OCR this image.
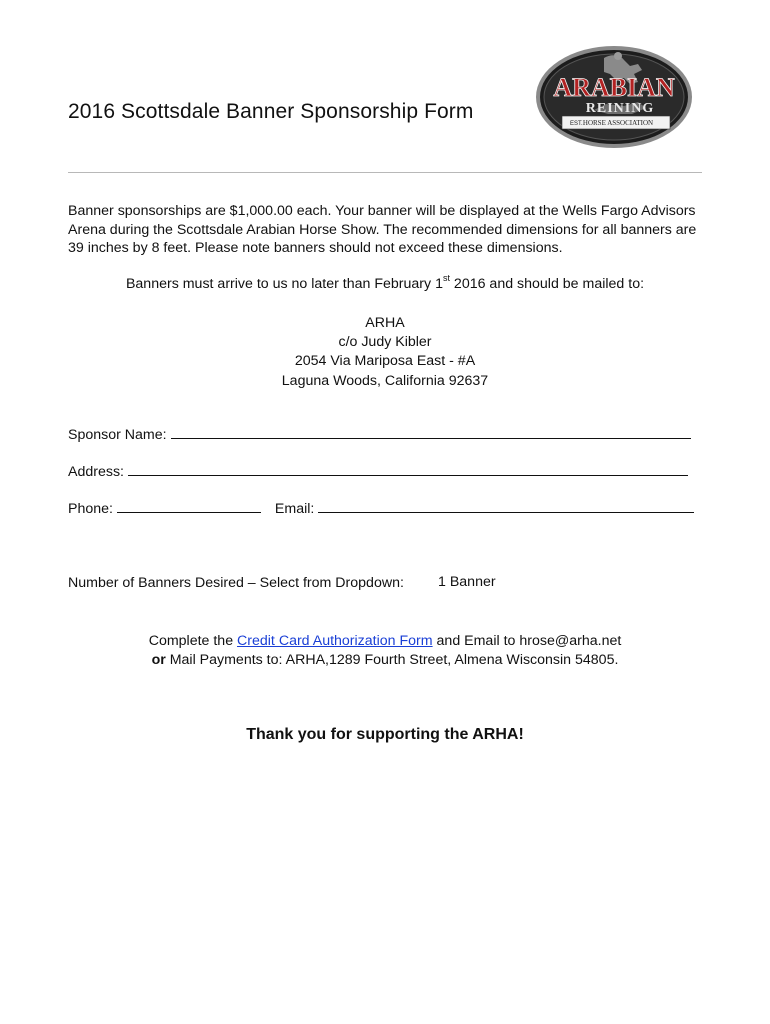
2016 Scottsdale Banner Sponsorship Form
ARABIAN
REINING
EST. HORSE ASSOCIATION
Banner sponsorships are $1,000.00 each. Your banner will be displayed at the Wells Fargo Advisors Arena during the Scottsdale Arabian Horse Show. The recommended dimensions for all banners are 39 inches by 8 feet. Please note banners should not exceed these dimensions.
Banners must arrive to us no later than February 1st 2016 and should be mailed to:
ARHA
c/o Judy Kibler
2054 Via Mariposa East - #A
Laguna Woods, California 92637
Sponsor Name:
Address:
Phone:	Email:
Number of Banners Desired – Select from Dropdown:	1 Banner
Complete the Credit Card Authorization Form and Email to hrose@arha.net
or Mail Payments to: ARHA,1289 Fourth Street, Almena Wisconsin 54805.
Thank you for supporting the ARHA!
